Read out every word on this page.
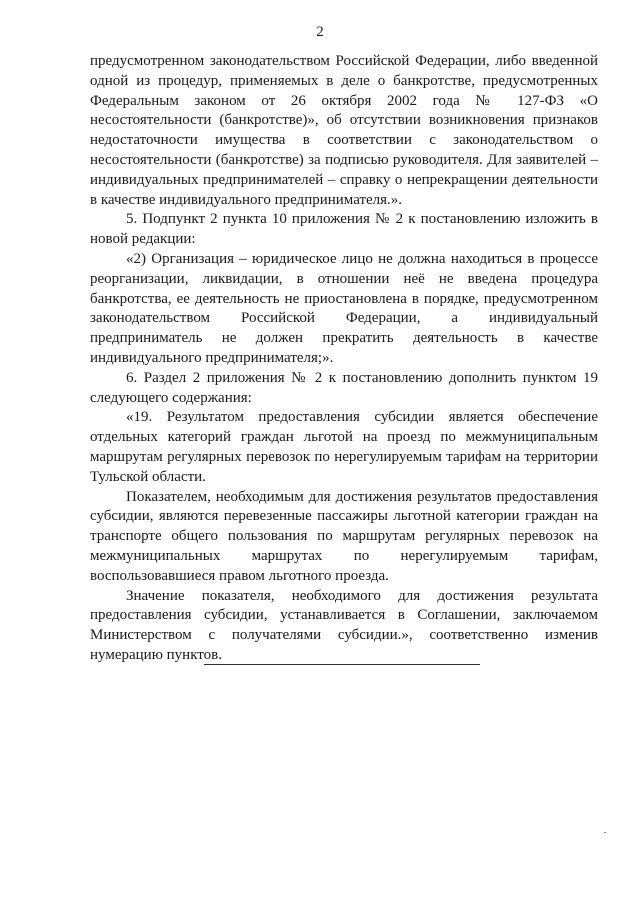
2

предусмотренном законодательством Российской Федерации, либо введенной одной из процедур, применяемых в деле о банкротстве, предусмотренных Федеральным законом от 26 октября 2002 года № 127-ФЗ «О несостоятельности (банкротстве)», об отсутствии возникновения признаков недостаточности имущества в соответствии с законодательством о несостоятельности (банкротстве) за подписью руководителя. Для заявителей – индивидуальных предпринимателей – справку о непрекращении деятельности в качестве индивидуального предпринимателя.».

5. Подпункт 2 пункта 10 приложения № 2 к постановлению изложить в новой редакции:

«2) Организация – юридическое лицо не должна находиться в процессе реорганизации, ликвидации, в отношении неё не введена процедура банкротства, ее деятельность не приостановлена в порядке, предусмотренном законодательством Российской Федерации, а индивидуальный предприниматель не должен прекратить деятельность в качестве индивидуального предпринимателя;».

6. Раздел 2 приложения № 2 к постановлению дополнить пунктом 19 следующего содержания:

«19. Результатом предоставления субсидии является обеспечение отдельных категорий граждан льготой на проезд по межмуниципальным маршрутам регулярных перевозок по нерегулируемым тарифам на территории Тульской области.

Показателем, необходимым для достижения результатов предоставления субсидии, являются перевезенные пассажиры льготной категории граждан на транспорте общего пользования по маршрутам регулярных перевозок на межмуниципальных маршрутах по нерегулируемым тарифам, воспользовавшиеся правом льготного проезда.

Значение показателя, необходимого для достижения результата предоставления субсидии, устанавливается в Соглашении, заключаемом Министерством с получателями субсидии.», соответственно изменив нумерацию пунктов.
